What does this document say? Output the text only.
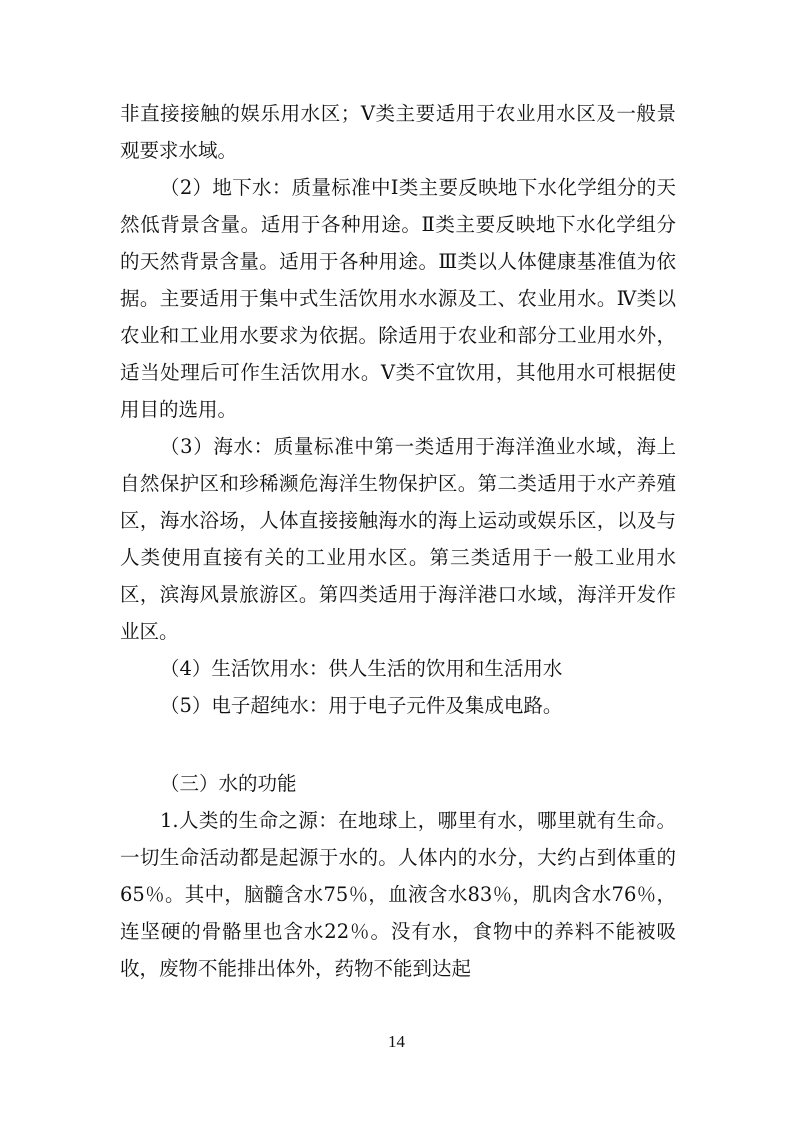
非直接接触的娱乐用水区；Ⅴ类主要适用于农业用水区及一般景观要求水域。

（2）地下水：质量标准中Ⅰ类主要反映地下水化学组分的天然低背景含量。适用于各种用途。Ⅱ类主要反映地下水化学组分的天然背景含量。适用于各种用途。Ⅲ类以人体健康基准值为依据。主要适用于集中式生活饮用水水源及工、农业用水。Ⅳ类以农业和工业用水要求为依据。除适用于农业和部分工业用水外，适当处理后可作生活饮用水。Ⅴ类不宜饮用，其他用水可根据使用目的选用。

（3）海水：质量标准中第一类适用于海洋渔业水域，海上自然保护区和珍稀濒危海洋生物保护区。第二类适用于水产养殖区，海水浴场，人体直接接触海水的海上运动或娱乐区，以及与人类使用直接有关的工业用水区。第三类适用于一般工业用水区，滨海风景旅游区。第四类适用于海洋港口水域，海洋开发作业区。

（4）生活饮用水：供人生活的饮用和生活用水

（5）电子超纯水：用于电子元件及集成电路。

（三）水的功能

1.人类的生命之源：在地球上，哪里有水，哪里就有生命。一切生命活动都是起源于水的。人体内的水分，大约占到体重的65％。其中，脑髓含水75％，血液含水83％，肌肉含水76％，连坚硬的骨骼里也含水22％。没有水，食物中的养料不能被吸收，废物不能排出体外，药物不能到达起

14
